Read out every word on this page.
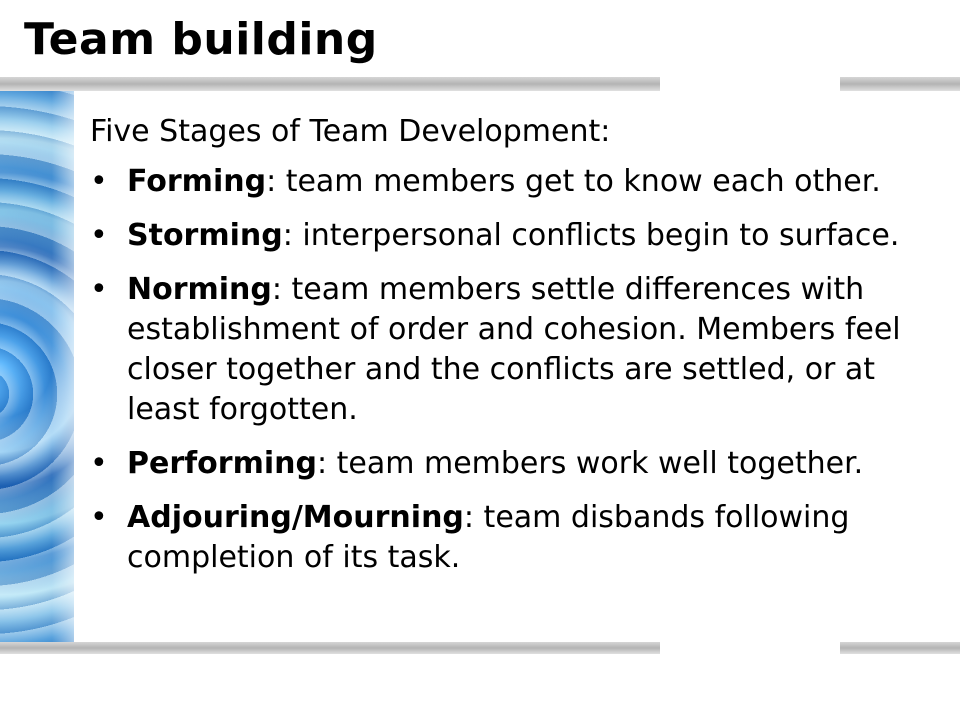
Team building
Five Stages of Team Development:
• Forming: team members get to know each other.
• Storming: interpersonal conflicts begin to surface.
• Norming: team members settle differences with establishment of order and cohesion. Members feel closer together and the conflicts are settled, or at least forgotten.
• Performing: team members work well together.
• Adjouring/Mourning: team disbands following completion of its task.
